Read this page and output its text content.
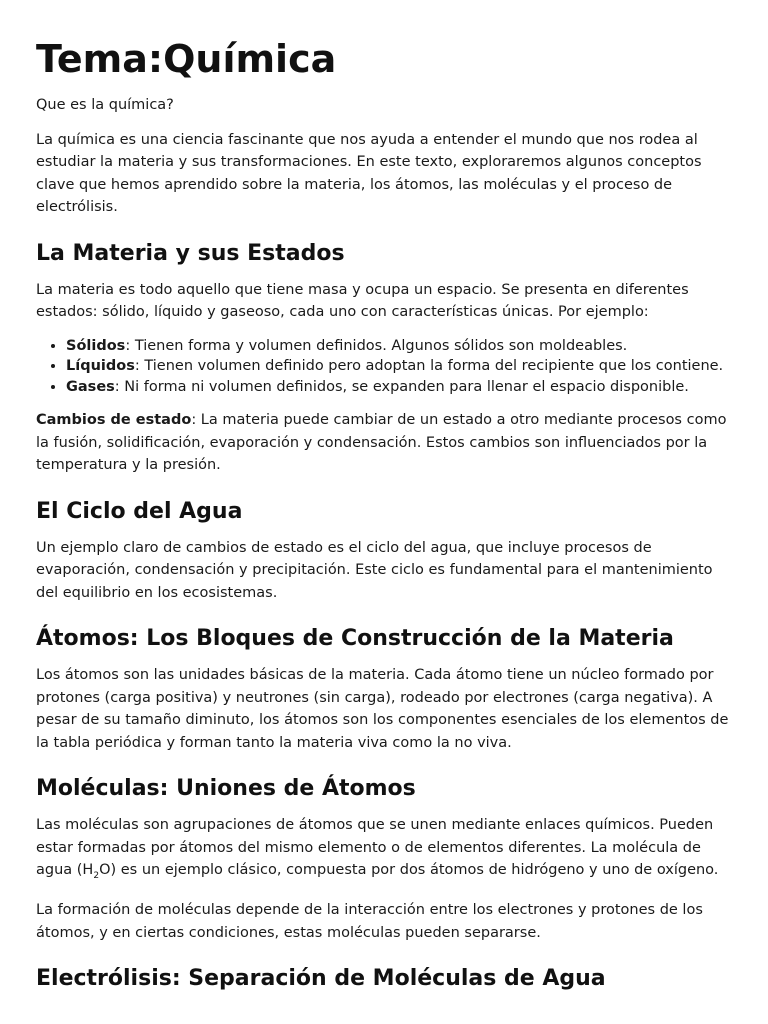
Tema:Química

Que es la química?

La química es una ciencia fascinante que nos ayuda a entender el mundo que nos rodea al estudiar la materia y sus transformaciones. En este texto, exploraremos algunos conceptos clave que hemos aprendido sobre la materia, los átomos, las moléculas y el proceso de electrólisis.

La Materia y sus Estados

La materia es todo aquello que tiene masa y ocupa un espacio. Se presenta en diferentes estados: sólido, líquido y gaseoso, cada uno con características únicas. Por ejemplo:

• Sólidos: Tienen forma y volumen definidos. Algunos sólidos son moldeables.
• Líquidos: Tienen volumen definido pero adoptan la forma del recipiente que los contiene.
• Gases: Ni forma ni volumen definidos, se expanden para llenar el espacio disponible.

Cambios de estado: La materia puede cambiar de un estado a otro mediante procesos como la fusión, solidificación, evaporación y condensación. Estos cambios son influenciados por la temperatura y la presión.

El Ciclo del Agua

Un ejemplo claro de cambios de estado es el ciclo del agua, que incluye procesos de evaporación, condensación y precipitación. Este ciclo es fundamental para el mantenimiento del equilibrio en los ecosistemas.

Átomos: Los Bloques de Construcción de la Materia

Los átomos son las unidades básicas de la materia. Cada átomo tiene un núcleo formado por protones (carga positiva) y neutrones (sin carga), rodeado por electrones (carga negativa). A pesar de su tamaño diminuto, los átomos son los componentes esenciales de los elementos de la tabla periódica y forman tanto la materia viva como la no viva.

Moléculas: Uniones de Átomos

Las moléculas son agrupaciones de átomos que se unen mediante enlaces químicos. Pueden estar formadas por átomos del mismo elemento o de elementos diferentes. La molécula de agua $(H_2O)$ es un ejemplo clásico, compuesta por dos átomos de hidrógeno y uno de oxígeno.

La formación de moléculas depende de la interacción entre los electrones y protones de los átomos, y en ciertas condiciones, estas moléculas pueden separarse.

Electrólisis: Separación de Moléculas de Agua
